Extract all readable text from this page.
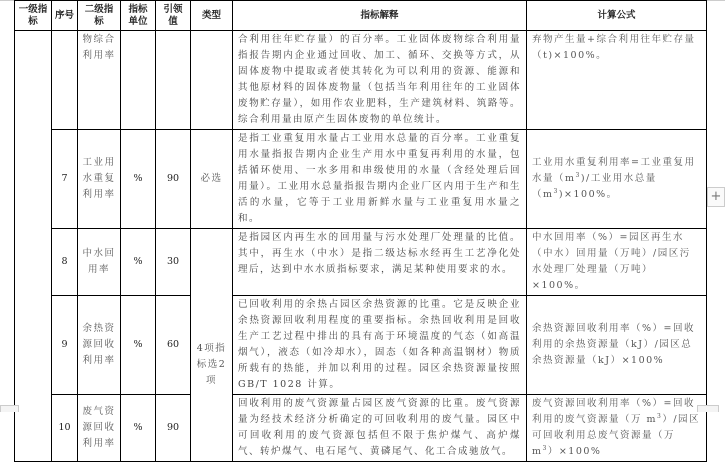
一级指标	序号	二级指标	指标单位	引领值	类型	指标解释	计算公式
		物综合利用率				合利用往年贮存量）的百分率。工业固体废物综合利用量指报告期内企业通过回收、加工、循环、交换等方式，从固体废物中提取或者使其转化为可以利用的资源、能源和其他原材料的固体废物量（包括当年利用往年的工业固体废物贮存量），如用作农业肥料，生产建筑材料、筑路等。综合利用量由原产生固体废物的单位统计。	弃物产生量+综合利用往年贮存量（t)×100%。
	7	工业用水重复利用率	%	90	必选	是指工业重复用水量占工业用水总量的百分率。工业重复用水量指报告期内企业生产用水中重复再利用的水量，包括循环使用、一水多用和串级使用的水量（含经处理后回用量）。工业用水总量指报告期内企业厂区内用于生产和生活的水量，它等于工业用新鲜水量与工业重复用水量之和。	工业用水重复利用率=工业重复用水量$(m^3)/$工业用水总量$(m^3)\times 100\%$。
	8	中水回用率	%	30	4项指标选2项	是指园区内再生水的回用量与污水处理厂处理量的比值。其中，再生水（中水）是指二级达标水经再生工艺净化处理后，达到中水水质指标要求，满足某种使用要求的水。	中水回用率（%）=园区再生水（中水）回用量（万吨）/园区污水处理厂处理量（万吨）×100%。
	9	余热资源回收利用率	%	60		已回收利用的余热占园区余热资源的比重。它是反映企业余热资源回收利用程度的重要指标。余热回收利用是回收生产工艺过程中排出的具有高于环境温度的气态（如高温烟气），液态（如冷却水），固态（如各种高温钢材）物质所载有的热能，并加以利用的过程。园区余热资源量按照 GB/T 1028 计算。	余热资源回收利用率（%）=回收利用的余热资源量（kJ）/园区总余热资源量（kJ）×100%
	10	废气资源回收利用率	%	90		回收利用的废气资源量占园区废气资源的比重。废气资源量为经技术经济分析确定的可回收利用的废气量。园区中可回收利用的废气资源包括但不限于焦炉煤气、高炉煤气、转炉煤气、电石尾气、黄磷尾气、化工合成驰放气。	废气资源回收利用率（%）=回收利用的废气资源量（万 $m^3)/$园区可回收利用总废气资源量（万 $m^3)\times 100\%$
+
